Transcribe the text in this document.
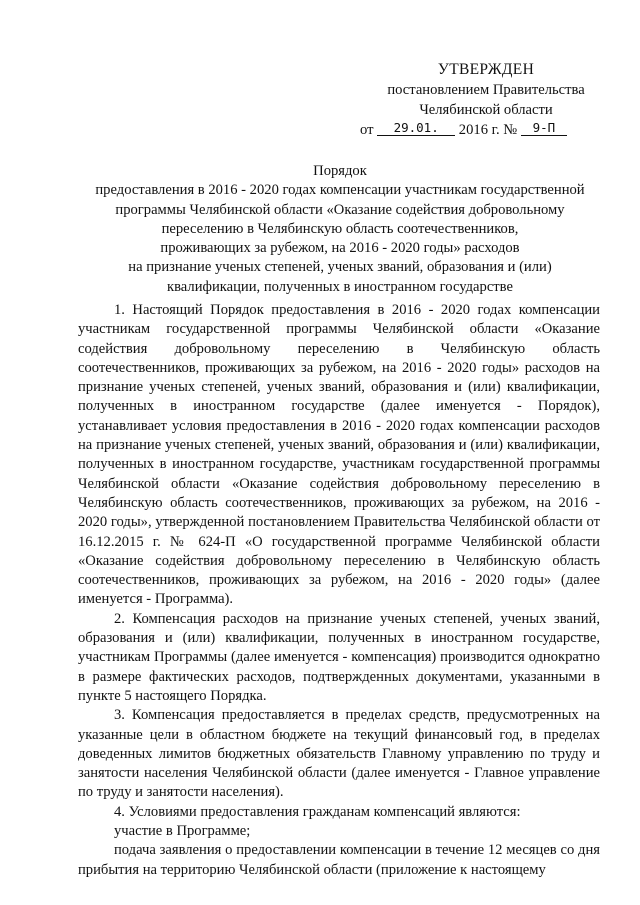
УТВЕРЖДЕН
постановлением Правительства
Челябинской области
от 29.01. 2016 г. № 9-П
Порядок
предоставления в 2016 - 2020 годах компенсации участникам государственной
программы Челябинской области «Оказание содействия добровольному
переселению в Челябинскую область соотечественников,
проживающих за рубежом, на 2016 - 2020 годы» расходов
на признание ученых степеней, ученых званий, образования и (или)
квалификации, полученных в иностранном государстве

1. Настоящий Порядок предоставления в 2016 - 2020 годах компенсации участникам государственной программы Челябинской области «Оказание содействия добровольному переселению в Челябинскую область соотечественников, проживающих за рубежом, на 2016 - 2020 годы» расходов на признание ученых степеней, ученых званий, образования и (или) квалификации, полученных в иностранном государстве (далее именуется - Порядок), устанавливает условия предоставления в 2016 - 2020 годах компенсации расходов на признание ученых степеней, ученых званий, образования и (или) квалификации, полученных в иностранном государстве, участникам государственной программы Челябинской области «Оказание содействия добровольному переселению в Челябинскую область соотечественников, проживающих за рубежом, на 2016 - 2020 годы», утвержденной постановлением Правительства Челябинской области от 16.12.2015 г. № 624-П «О государственной программе Челябинской области «Оказание содействия добровольному переселению в Челябинскую область соотечественников, проживающих за рубежом, на 2016 - 2020 годы» (далее именуется - Программа).

2. Компенсация расходов на признание ученых степеней, ученых званий, образования и (или) квалификации, полученных в иностранном государстве, участникам Программы (далее именуется - компенсация) производится однократно в размере фактических расходов, подтвержденных документами, указанными в пункте 5 настоящего Порядка.

3. Компенсация предоставляется в пределах средств, предусмотренных на указанные цели в областном бюджете на текущий финансовый год, в пределах доведенных лимитов бюджетных обязательств Главному управлению по труду и занятости населения Челябинской области (далее именуется - Главное управление по труду и занятости населения).

4. Условиями предоставления гражданам компенсаций являются:

участие в Программе;

подача заявления о предоставлении компенсации в течение 12 месяцев со дня прибытия на территорию Челябинской области (приложение к настоящему
